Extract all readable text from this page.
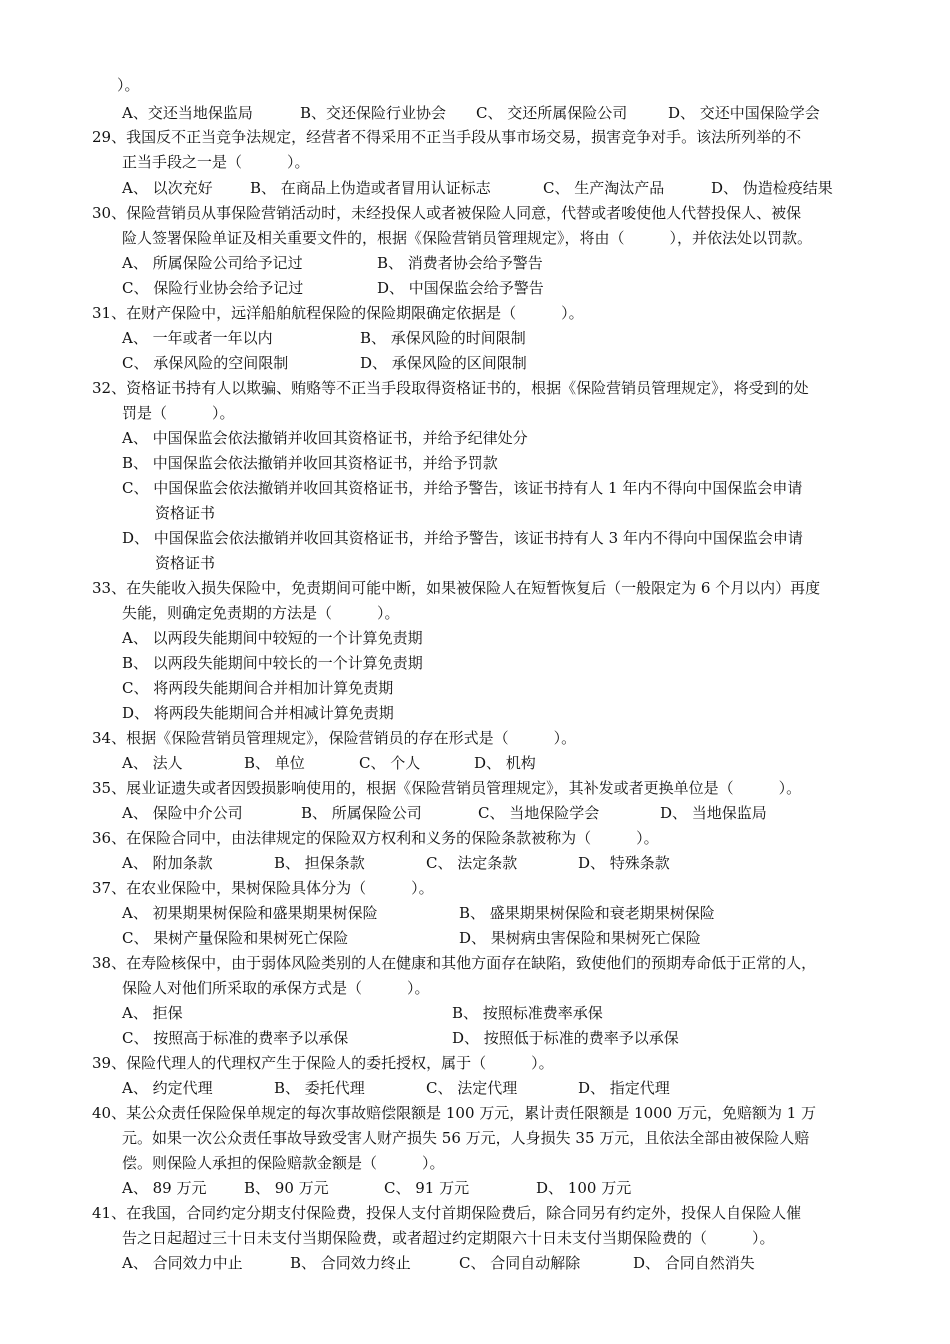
）。
A、交还当地保监局	B、交还保险行业协会 C、 交还所属保险公司	D、 交还中国保险学会
29、我国反不正当竞争法规定，经营者不得采用不正当手段从事市场交易，损害竞争对手。该法所列举的不
正当手段之一是（　　　）。
A、 以次充好 B、 在商品上伪造或者冒用认证标志	C、 生产淘汰产品	D、 伪造检疫结果
30、保险营销员从事保险营销活动时，未经投保人或者被保险人同意，代替或者唆使他人代替投保人、被保
险人签署保险单证及相关重要文件的，根据《保险营销员管理规定》，将由（　　　），并依法处以罚款。
A、 所属保险公司给予记过	B、 消费者协会给予警告
C、 保险行业协会给予记过	D、 中国保监会给予警告
31、在财产保险中，远洋船舶航程保险的保险期限确定依据是（　　　）。
A、 一年或者一年以内	B、 承保风险的时间限制
C、 承保风险的空间限制	D、 承保风险的区间限制
32、资格证书持有人以欺骗、贿赂等不正当手段取得资格证书的，根据《保险营销员管理规定》，将受到的处
罚是（　　　）。
A、 中国保监会依法撤销并收回其资格证书，并给予纪律处分
B、 中国保监会依法撤销并收回其资格证书，并给予罚款
C、 中国保监会依法撤销并收回其资格证书，并给予警告，该证书持有人 1 年内不得向中国保监会申请
资格证书
D、 中国保监会依法撤销并收回其资格证书，并给予警告，该证书持有人 3 年内不得向中国保监会申请
资格证书
33、在失能收入损失保险中，免责期间可能中断，如果被保险人在短暂恢复后（一般限定为 6 个月以内）再度
失能，则确定免责期的方法是（　　　）。
A、 以两段失能期间中较短的一个计算免责期
B、 以两段失能期间中较长的一个计算免责期
C、 将两段失能期间合并相加计算免责期
D、 将两段失能期间合并相减计算免责期
34、根据《保险营销员管理规定》，保险营销员的存在形式是（　　　）。
A、 法人	B、 单位	C、 个人	D、 机构
35、展业证遗失或者因毁损影响使用的，根据《保险营销员管理规定》，其补发或者更换单位是（　　　）。
A、 保险中介公司	B、 所属保险公司	C、 当地保险学会	D、 当地保监局
36、在保险合同中，由法律规定的保险双方权利和义务的保险条款被称为（　　　）。
A、 附加条款	B、 担保条款	C、 法定条款	D、 特殊条款
37、在农业保险中，果树保险具体分为（　　　）。
A、 初果期果树保险和盛果期果树保险	B、 盛果期果树保险和衰老期果树保险
C、 果树产量保险和果树死亡保险	D、 果树病虫害保险和果树死亡保险
38、在寿险核保中，由于弱体风险类别的人在健康和其他方面存在缺陷，致使他们的预期寿命低于正常的人，
保险人对他们所采取的承保方式是（　　　）。
A、 拒保	B、 按照标准费率承保
C、 按照高于标准的费率予以承保	D、 按照低于标准的费率予以承保
39、保险代理人的代理权产生于保险人的委托授权，属于（　　　）。
A、 约定代理	B、 委托代理	C、 法定代理	D、 指定代理
40、某公众责任保险保单规定的每次事故赔偿限额是 100 万元，累计责任限额是 1000 万元，免赔额为 1 万
元。如果一次公众责任事故导致受害人财产损失 56 万元，人身损失 35 万元，且依法全部由被保险人赔
偿。则保险人承担的保险赔款金额是（　　　）。
A、 89 万元	B、 90 万元	C、 91 万元	D、 100 万元
41、在我国，合同约定分期支付保险费，投保人支付首期保险费后，除合同另有约定外，投保人自保险人催
告之日起超过三十日未支付当期保险费，或者超过约定期限六十日未支付当期保险费的（　　　）。
A、 合同效力中止	B、 合同效力终止	C、 合同自动解除	D、 合同自然消失
